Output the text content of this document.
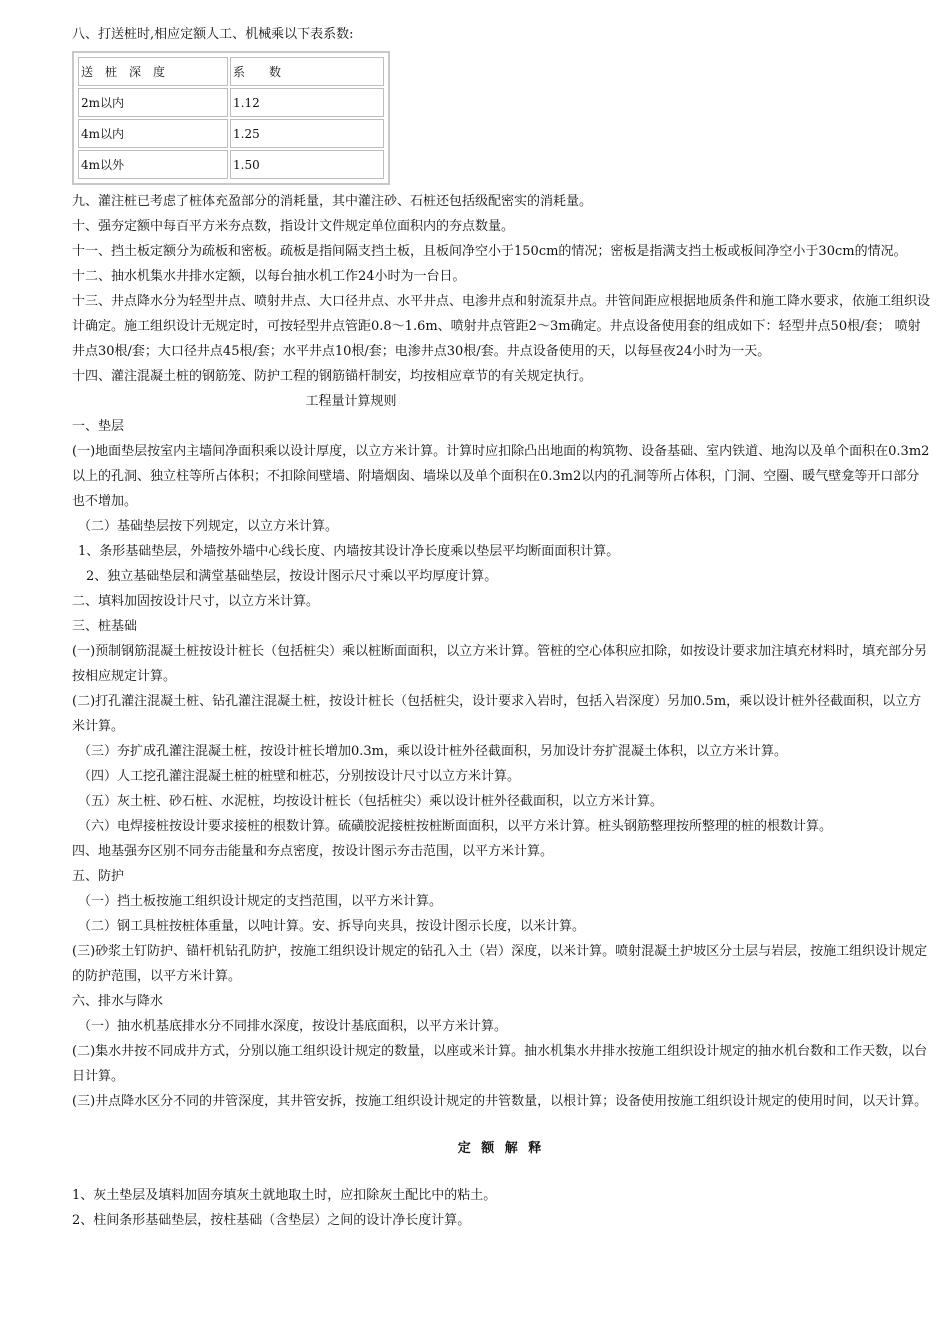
八、打送桩时,相应定额人工、机械乘以下表系数:
送　桩　深　度	系　　数
2m以内	1.12
4m以内	1.25
4m以外	1.50
九、灌注桩已考虑了桩体充盈部分的消耗量，其中灌注砂、石桩还包括级配密实的消耗量。
十、强夯定额中每百平方米夯点数，指设计文件规定单位面积内的夯点数量。
十一、挡土板定额分为疏板和密板。疏板是指间隔支挡土板，且板间净空小于150cm的情况；密板是指满支挡土板或板间净空小于30cm的情况。
十二、抽水机集水井排水定额，以每台抽水机工作24小时为一台日。
十三、井点降水分为轻型井点、喷射井点、大口径井点、水平井点、电渗井点和射流泵井点。井管间距应根据地质条件和施工降水要求，依施工组织设计确定。施工组织设计无规定时，可按轻型井点管距0.8～1.6m、喷射井点管距2～3m确定。井点设备使用套的组成如下：轻型井点50根/套； 喷射井点30根/套；大口径井点45根/套；水平井点10根/套；电渗井点30根/套。井点设备使用的天，以每昼夜24小时为一天。
十四、灌注混凝土桩的钢筋笼、防护工程的钢筋锚杆制安，均按相应章节的有关规定执行。
工程量计算规则
一、垫层
(一)地面垫层按室内主墙间净面积乘以设计厚度，以立方米计算。计算时应扣除凸出地面的构筑物、设备基础、室内铁道、地沟以及单个面积在0.3m2以上的孔洞、独立柱等所占体积；不扣除间壁墙、附墙烟囱、墙垛以及单个面积在0.3m2以内的孔洞等所占体积，门洞、空圈、暖气壁龛等开口部分也不增加。
（二）基础垫层按下列规定，以立方米计算。
1、条形基础垫层，外墙按外墙中心线长度、内墙按其设计净长度乘以垫层平均断面面积计算。
2、独立基础垫层和满堂基础垫层，按设计图示尺寸乘以平均厚度计算。
二、填料加固按设计尺寸，以立方米计算。
三、桩基础
(一)预制钢筋混凝土桩按设计桩长（包括桩尖）乘以桩断面面积，以立方米计算。管桩的空心体积应扣除，如按设计要求加注填充材料时，填充部分另按相应规定计算。
(二)打孔灌注混凝土桩、钻孔灌注混凝土桩，按设计桩长（包括桩尖，设计要求入岩时，包括入岩深度）另加0.5m，乘以设计桩外径截面积，以立方米计算。
（三）夯扩成孔灌注混凝土桩，按设计桩长增加0.3m，乘以设计桩外径截面积，另加设计夯扩混凝土体积，以立方米计算。
（四）人工挖孔灌注混凝土桩的桩壁和桩芯，分别按设计尺寸以立方米计算。
（五）灰土桩、砂石桩、水泥桩，均按设计桩长（包括桩尖）乘以设计桩外径截面积，以立方米计算。
（六）电焊接桩按设计要求接桩的根数计算。硫磺胶泥接桩按桩断面面积，以平方米计算。桩头钢筋整理按所整理的桩的根数计算。
四、地基强夯区别不同夯击能量和夯点密度，按设计图示夯击范围，以平方米计算。
五、防护
（一）挡土板按施工组织设计规定的支挡范围，以平方米计算。
（二）钢工具桩按桩体重量，以吨计算。安、拆导向夹具，按设计图示长度，以米计算。
(三)砂浆土钉防护、锚杆机钻孔防护，按施工组织设计规定的钻孔入土（岩）深度，以米计算。喷射混凝土护坡区分土层与岩层，按施工组织设计规定的防护范围，以平方米计算。
六、排水与降水
（一）抽水机基底排水分不同排水深度，按设计基底面积，以平方米计算。
(二)集水井按不同成井方式，分别以施工组织设计规定的数量，以座或米计算。抽水机集水井排水按施工组织设计规定的抽水机台数和工作天数，以台日计算。
(三)井点降水区分不同的井管深度，其井管安拆，按施工组织设计规定的井管数量，以根计算；设备使用按施工组织设计规定的使用时间，以天计算。
定 额 解 释
1、灰土垫层及填料加固夯填灰土就地取土时，应扣除灰土配比中的粘土。
2、柱间条形基础垫层，按柱基础（含垫层）之间的设计净长度计算。
